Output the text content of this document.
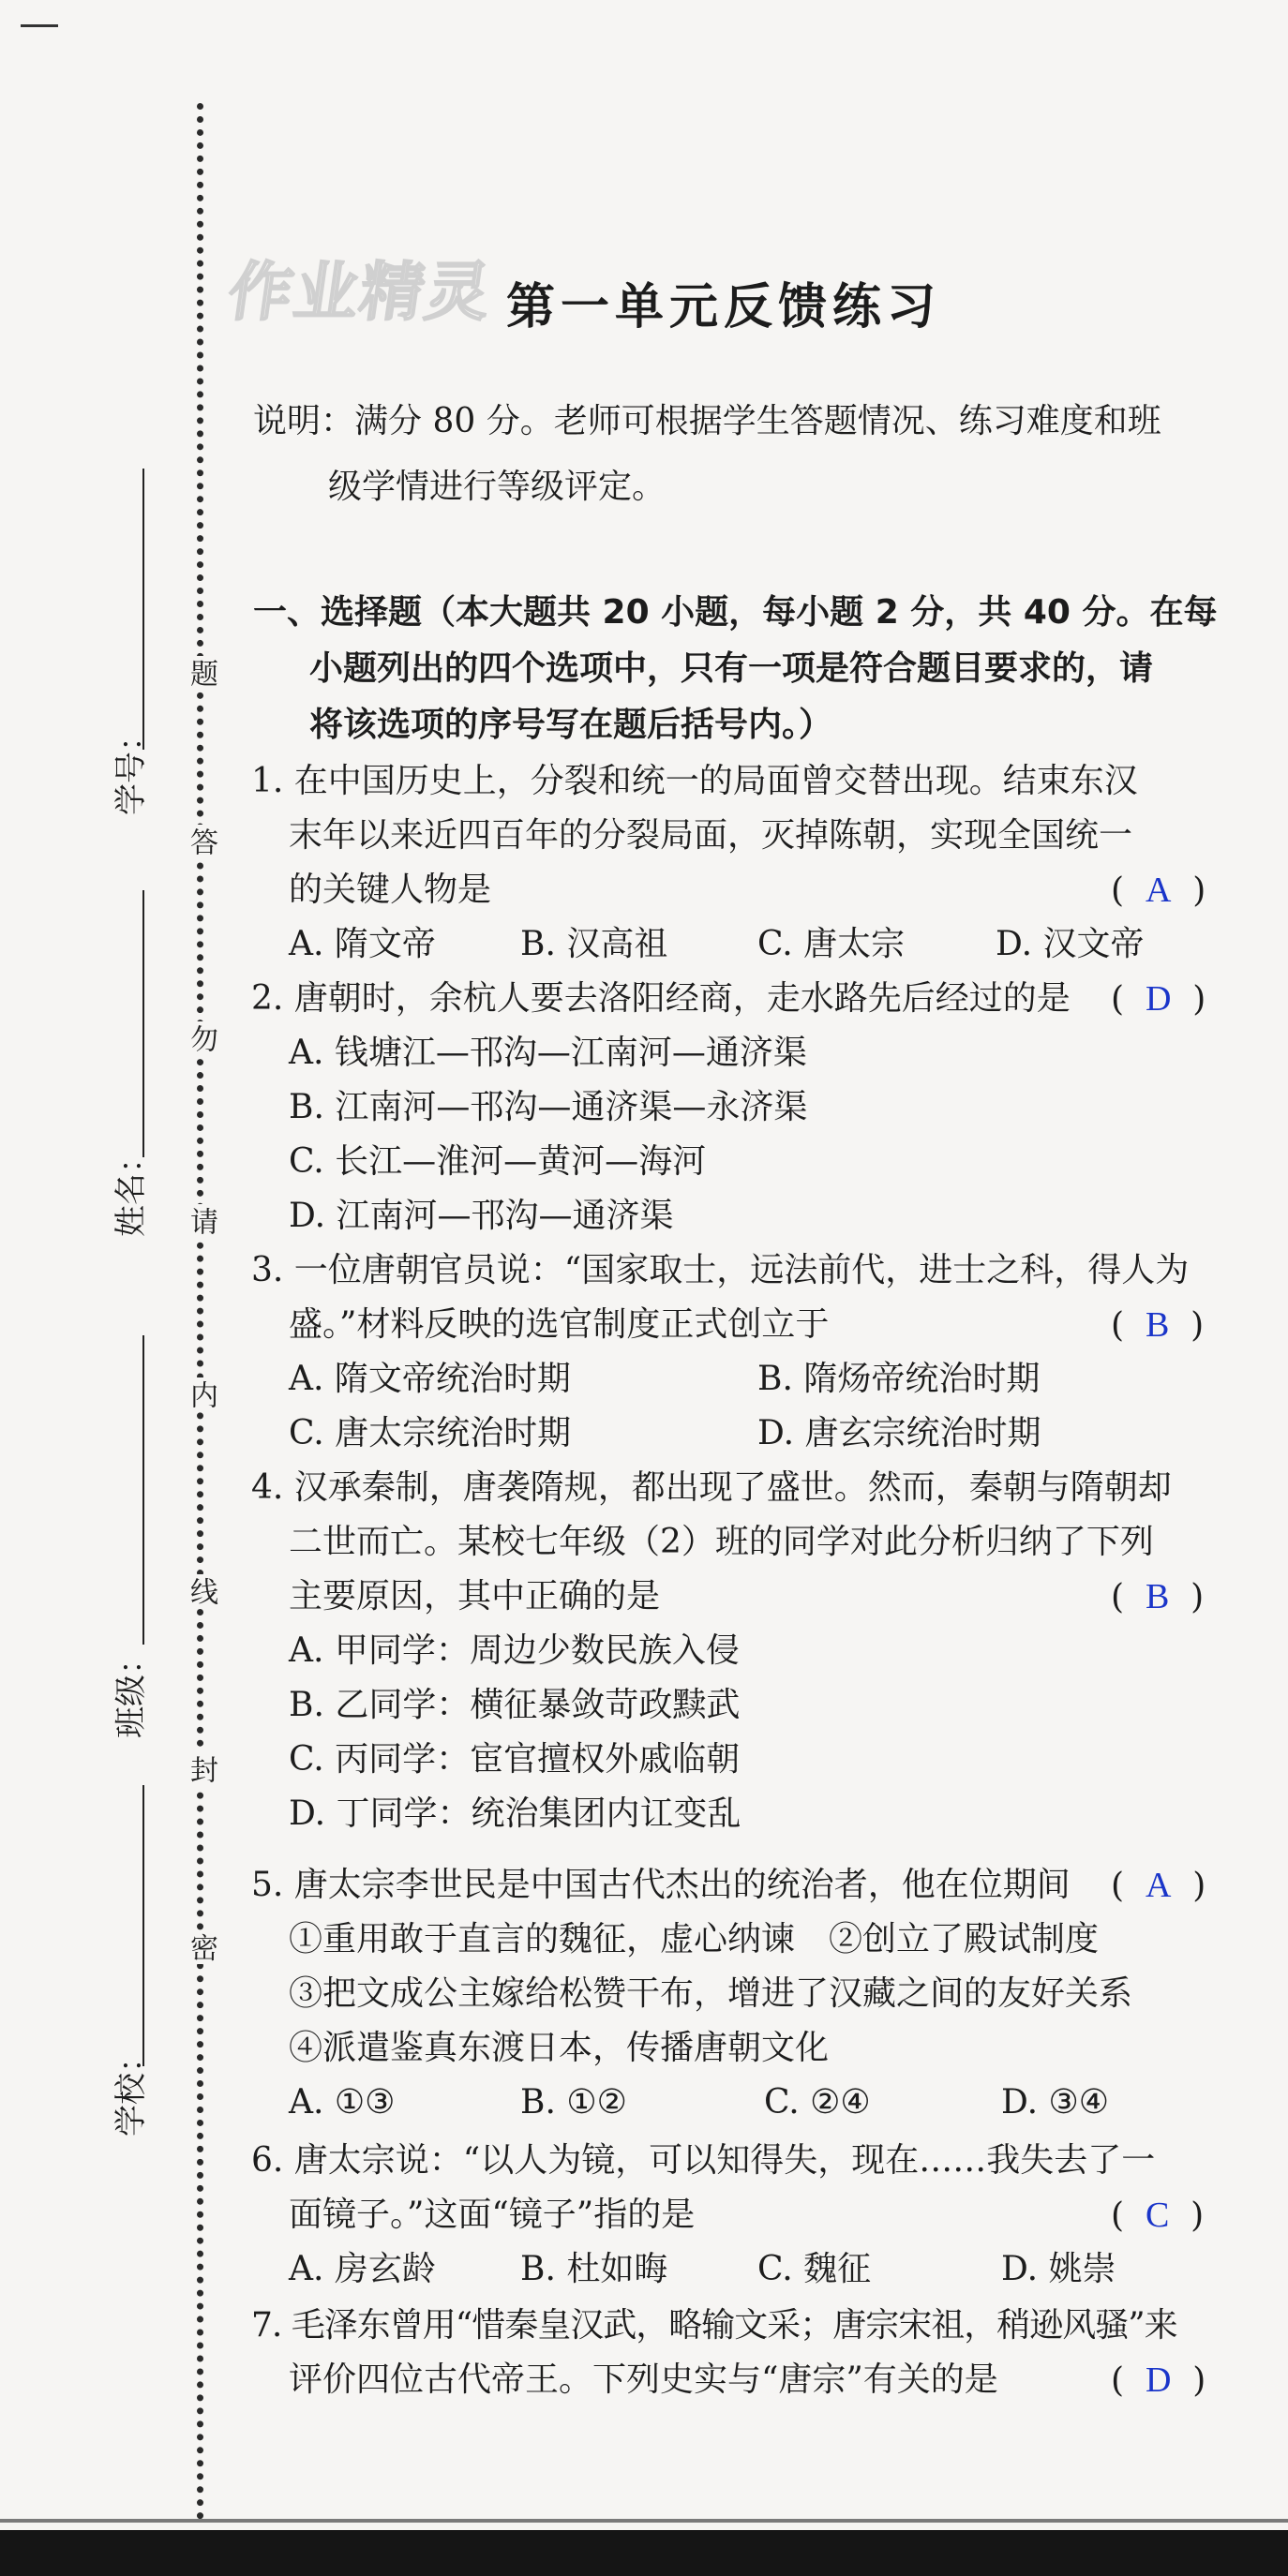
题
答
勿
请
内
线
封
密
学校：
班级：
姓名：
学号：
作业精灵 第一单元反馈练习
说明：满分 80 分。老师可根据学生答题情况、练习难度和班
级学情进行等级评定。
一、选择题（本大题共 20 小题，每小题 2 分，共 40 分。在每
小题列出的四个选项中，只有一项是符合题目要求的，请
将该选项的序号写在题后括号内。）
1. 在中国历史上，分裂和统一的局面曾交替出现。结束东汉
末年以来近四百年的分裂局面，灭掉陈朝，实现全国统一
的关键人物是	(  A  )
A. 隋文帝	B. 汉高祖	C. 唐太宗	D. 汉文帝
2. 唐朝时，余杭人要去洛阳经商，走水路先后经过的是 (  D  )
A. 钱塘江—邗沟—江南河—通济渠
B. 江南河—邗沟—通济渠—永济渠
C. 长江—淮河—黄河—海河
D. 江南河—邗沟—通济渠
3. 一位唐朝官员说：“国家取士，远法前代，进士之科，得人为
盛。”材料反映的选官制度正式创立于	(  B  )
A. 隋文帝统治时期	B. 隋炀帝统治时期
C. 唐太宗统治时期	D. 唐玄宗统治时期
4. 汉承秦制，唐袭隋规，都出现了盛世。然而，秦朝与隋朝却
二世而亡。某校七年级（2）班的同学对此分析归纳了下列
主要原因，其中正确的是	(  B  )
A. 甲同学：周边少数民族入侵
B. 乙同学：横征暴敛苛政黩武
C. 丙同学：宦官擅权外戚临朝
D. 丁同学：统治集团内讧变乱
5. 唐太宗李世民是中国古代杰出的统治者，他在位期间 (  A  )
①重用敢于直言的魏征，虚心纳谏　②创立了殿试制度
③把文成公主嫁给松赞干布，增进了汉藏之间的友好关系
④派遣鉴真东渡日本，传播唐朝文化
A. ①③	B. ①②	C. ②④	D. ③④
6. 唐太宗说：“以人为镜，可以知得失，现在……我失去了一
面镜子。”这面“镜子”指的是	(  C  )
A. 房玄龄	B. 杜如晦	C. 魏征	D. 姚崇
7. 毛泽东曾用“惜秦皇汉武，略输文采；唐宗宋祖，稍逊风骚”来
评价四位古代帝王。下列史实与“唐宗”有关的是	(  D  )
